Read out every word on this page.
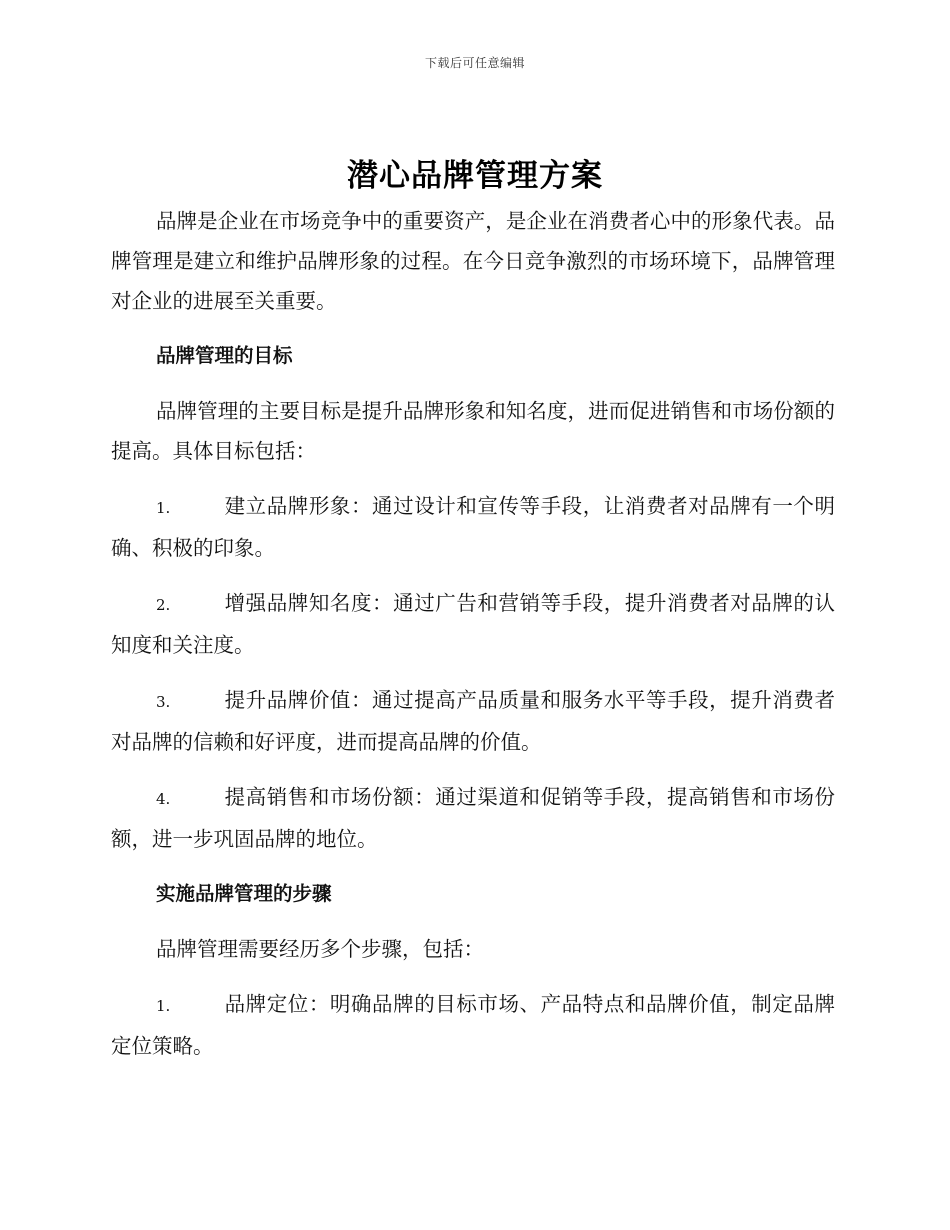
下载后可任意编辑
潜心品牌管理方案

品牌是企业在市场竞争中的重要资产，是企业在消费者心中的形象代表。品牌管理是建立和维护品牌形象的过程。在今日竞争激烈的市场环境下，品牌管理对企业的进展至关重要。

品牌管理的目标

品牌管理的主要目标是提升品牌形象和知名度，进而促进销售和市场份额的提高。具体目标包括：

1.	建立品牌形象：通过设计和宣传等手段，让消费者对品牌有一个明确、积极的印象。

2.	增强品牌知名度：通过广告和营销等手段，提升消费者对品牌的认知度和关注度。

3.	提升品牌价值：通过提高产品质量和服务水平等手段，提升消费者对品牌的信赖和好评度，进而提高品牌的价值。

4.	提高销售和市场份额：通过渠道和促销等手段，提高销售和市场份额，进一步巩固品牌的地位。

实施品牌管理的步骤

品牌管理需要经历多个步骤，包括：

1.	品牌定位：明确品牌的目标市场、产品特点和品牌价值，制定品牌定位策略。
